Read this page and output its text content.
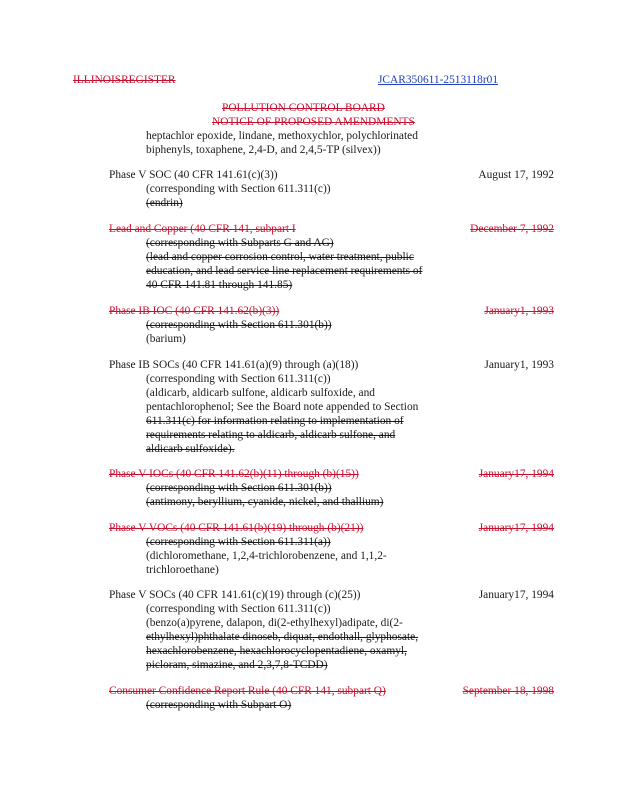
ILLINOISREGISTER	JCAR350611-2513118r01
POLLUTION CONTROL BOARD
NOTICE OF PROPOSED AMENDMENTS
heptachlor epoxide, lindane, methoxychlor, polychlorinated
biphenyls, toxaphene, 2,4-D, and 2,4,5-TP (silvex))
Phase V SOC (40 CFR 141.61(c)(3))	August 17, 1992
(corresponding with Section 611.311(c))
(endrin)
Lead and Copper (40 CFR 141, subpart I	December 7, 1992
(corresponding with Subparts G and AG)
(lead and copper corrosion control, water treatment, public
education, and lead service line replacement requirements of
40 CFR 141.81 through 141.85)
Phase IB IOC (40 CFR 141.62(b)(3))	January1, 1993
(corresponding with Section 611.301(b))
(barium)
Phase IB SOCs (40 CFR 141.61(a)(9) through (a)(18))	January1, 1993
(corresponding with Section 611.311(c))
(aldicarb, aldicarb sulfone, aldicarb sulfoxide, and
pentachlorophenol; See the Board note appended to Section
611.311(c) for information relating to implementation of
requirements relating to aldicarb, aldicarb sulfone, and
aldicarb sulfoxide).
Phase V IOCs (40 CFR 141.62(b)(11) through (b)(15))	January17, 1994
(corresponding with Section 611.301(b))
(antimony, beryllium, cyanide, nickel, and thallium)
Phase V VOCs (40 CFR 141.61(b)(19) through (b)(21))	January17, 1994
(corresponding with Section 611.311(a))
(dichloromethane, 1,2,4-trichlorobenzene, and 1,1,2-
trichloroethane)
Phase V SOCs (40 CFR 141.61(c)(19) through (c)(25))	January17, 1994
(corresponding with Section 611.311(c))
(benzo(a)pyrene, dalapon, di(2-ethylhexyl)adipate, di(2-
ethylhexyl)phthalate dinoseb, diquat, endothall, glyphosate,
hexachlorobenzene, hexachlorocyclopentadiene, oxamyl,
picloram, simazine, and 2,3,7,8-TCDD)
Consumer Confidence Report Rule (40 CFR 141, subpart Q)	September 18, 1998
(corresponding with Subpart O)
